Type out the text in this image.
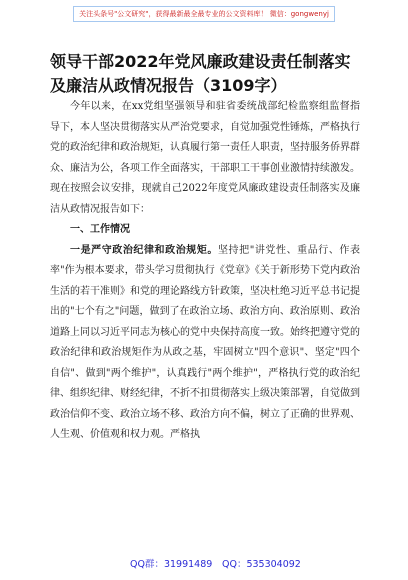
关注头条号"公文研究"，获得最新最全最专业的公文资料库！ 微信：gongwenyj
领导干部2022年党风廉政建设责任制落实
及廉洁从政情况报告（3109字）

今年以来，在xx党组坚强领导和驻省委统战部纪检监察组监督指导下，本人坚决贯彻落实从严治党要求，自觉加强党性锤炼，严格执行党的政治纪律和政治规矩，认真履行第一责任人职责，坚持服务侨界群众、廉洁为公，各项工作全面落实，干部职工干事创业激情持续激发。现在按照会议安排，现就自己2022年度党风廉政建设责任制落实及廉洁从政情况报告如下：

一、工作情况

一是严守政治纪律和政治规矩。坚持把"讲党性、重品行、作表率"作为根本要求，带头学习贯彻执行《党章》《关于新形势下党内政治生活的若干准则》和党的理论路线方针政策，坚决杜绝习近平总书记提出的"七个有之"问题，做到了在政治立场、政治方向、政治原则、政治道路上同以习近平同志为核心的党中央保持高度一致。始终把遵守党的政治纪律和政治规矩作为从政之基，牢固树立"四个意识"、坚定"四个自信"、做到"两个维护"，认真践行"两个维护"，严格执行党的政治纪律、组织纪律、财经纪律，不折不扣贯彻落实上级决策部署，自觉做到政治信仰不变、政治立场不移、政治方向不偏，树立了正确的世界观、人生观、价值观和权力观。严格执

QQ群：31991489 QQ：535304092
